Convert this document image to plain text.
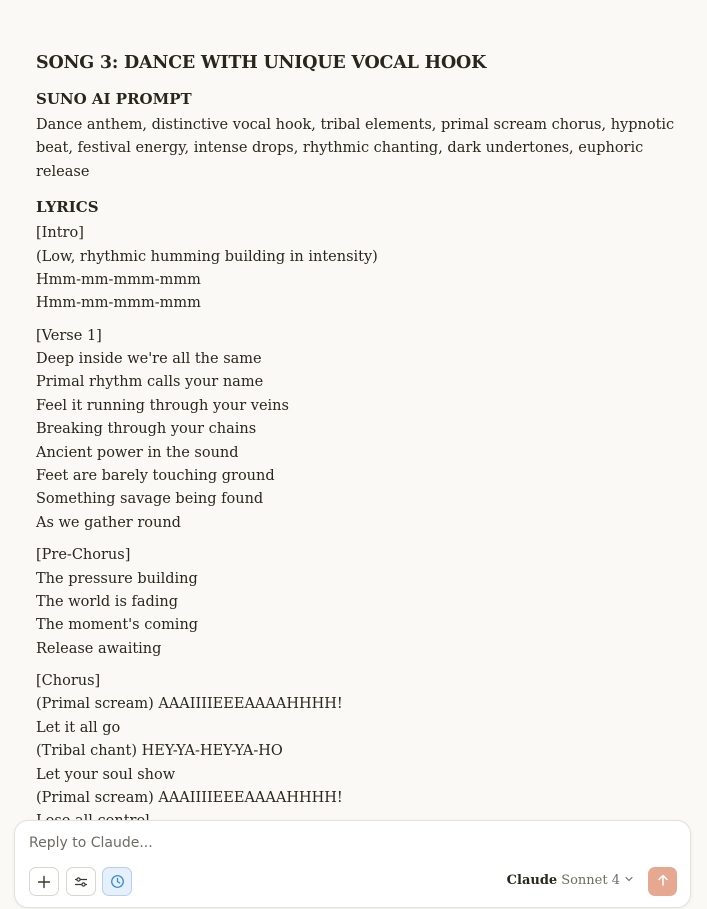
SONG 3: DANCE WITH UNIQUE VOCAL HOOK
SUNO AI PROMPT

Dance anthem, distinctive vocal hook, tribal elements, primal scream chorus, hypnotic beat, festival energy, intense drops, rhythmic chanting, dark undertones, euphoric release

LYRICS

[Intro]

(Low, rhythmic humming building in intensity)

Hmm-mm-mmm-mmm

Hmm-mm-mmm-mmm

[Verse 1]

Deep inside we're all the same

Primal rhythm calls your name

Feel it running through your veins

Breaking through your chains

Ancient power in the sound

Feet are barely touching ground

Something savage being found

As we gather round

[Pre-Chorus]

The pressure building

The world is fading

The moment's coming

Release awaiting

[Chorus]

(Primal scream) AAAIIIIEEEAAAAHHHH!

Let it all go

(Tribal chant) HEY-YA-HEY-YA-HO

Let your soul show

(Primal scream) AAAIIIIEEEAAAAHHHH!

Reply to Claude...
Claude Sonnet 4
